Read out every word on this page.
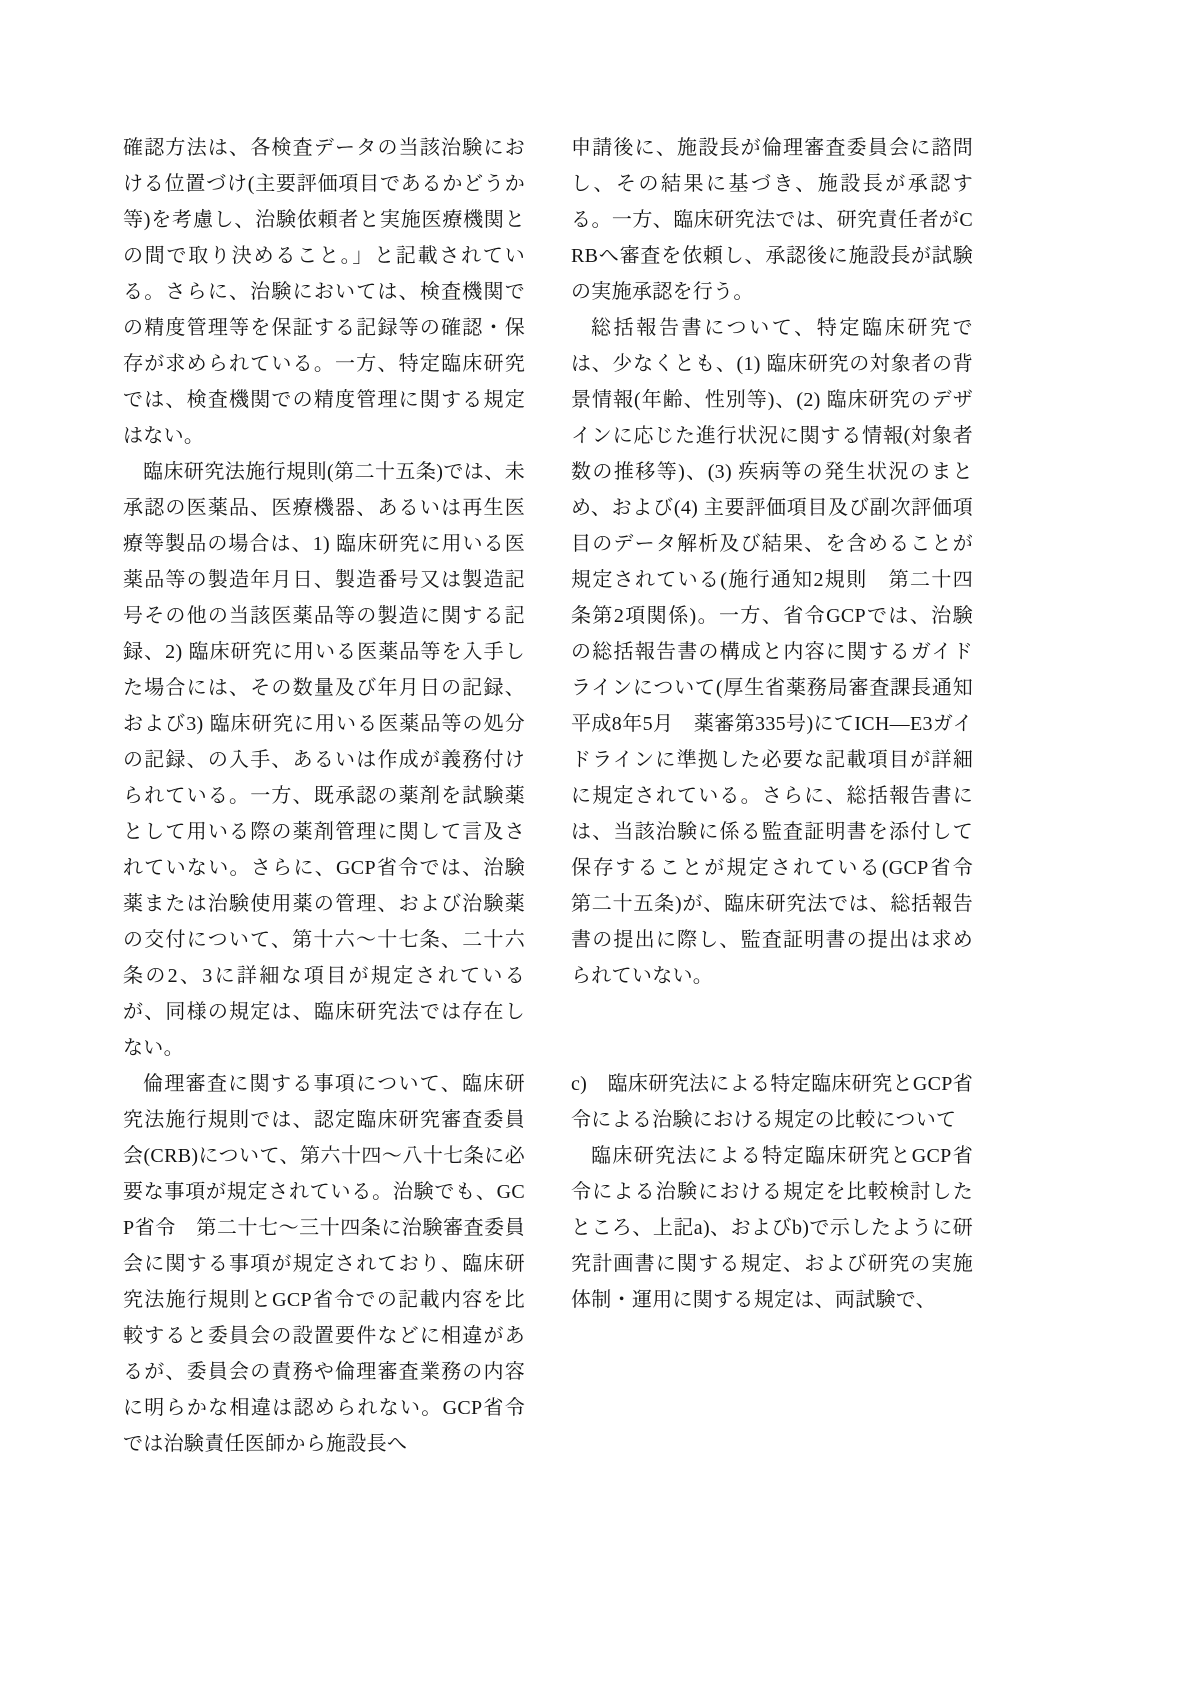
確認方法は、各検査データの当該治験における位置づけ(主要評価項目であるかどうか等)を考慮し、治験依頼者と実施医療機関との間で取り決めること。」と記載されている。さらに、治験においては、検査機関での精度管理等を保証する記録等の確認・保存が求められている。一方、特定臨床研究では、検査機関での精度管理に関する規定はない。

臨床研究法施行規則(第二十五条)では、未承認の医薬品、医療機器、あるいは再生医療等製品の場合は、1) 臨床研究に用いる医薬品等の製造年月日、製造番号又は製造記号その他の当該医薬品等の製造に関する記録、2) 臨床研究に用いる医薬品等を入手した場合には、その数量及び年月日の記録、および3) 臨床研究に用いる医薬品等の処分の記録、の入手、あるいは作成が義務付けられている。一方、既承認の薬剤を試験薬として用いる際の薬剤管理に関して言及されていない。さらに、GCP省令では、治験薬または治験使用薬の管理、および治験薬の交付について、第十六〜十七条、二十六条の2、3に詳細な項目が規定されているが、同様の規定は、臨床研究法では存在しない。

倫理審査に関する事項について、臨床研究法施行規則では、認定臨床研究審査委員会(CRB)について、第六十四〜八十七条に必要な事項が規定されている。治験でも、GCP省令　第二十七〜三十四条に治験審査委員会に関する事項が規定されており、臨床研究法施行規則とGCP省令での記載内容を比較すると委員会の設置要件などに相違があるが、委員会の責務や倫理審査業務の内容に明らかな相違は認められない。GCP省令では治験責任医師から施設長へ

申請後に、施設長が倫理審査委員会に諮問し、その結果に基づき、施設長が承認する。一方、臨床研究法では、研究責任者がCRBへ審査を依頼し、承認後に施設長が試験の実施承認を行う。

総括報告書について、特定臨床研究では、少なくとも、(1) 臨床研究の対象者の背景情報(年齢、性別等)、(2) 臨床研究のデザインに応じた進行状況に関する情報(対象者数の推移等)、(3) 疾病等の発生状況のまとめ、および(4) 主要評価項目及び副次評価項目のデータ解析及び結果、を含めることが規定されている(施行通知2規則　第二十四条第2項関係)。一方、省令GCPでは、治験の総括報告書の構成と内容に関するガイドラインについて(厚生省薬務局審査課長通知　平成8年5月　薬審第335号)にてICH―E3ガイドラインに準拠した必要な記載項目が詳細に規定されている。さらに、総括報告書には、当該治験に係る監査証明書を添付して保存することが規定されている(GCP省令　第二十五条)が、臨床研究法では、総括報告書の提出に際し、監査証明書の提出は求められていない。

c)　臨床研究法による特定臨床研究とGCP省令による治験における規定の比較について

臨床研究法による特定臨床研究とGCP省令による治験における規定を比較検討したところ、上記a)、およびb)で示したように研究計画書に関する規定、および研究の実施体制・運用に関する規定は、両試験で、
